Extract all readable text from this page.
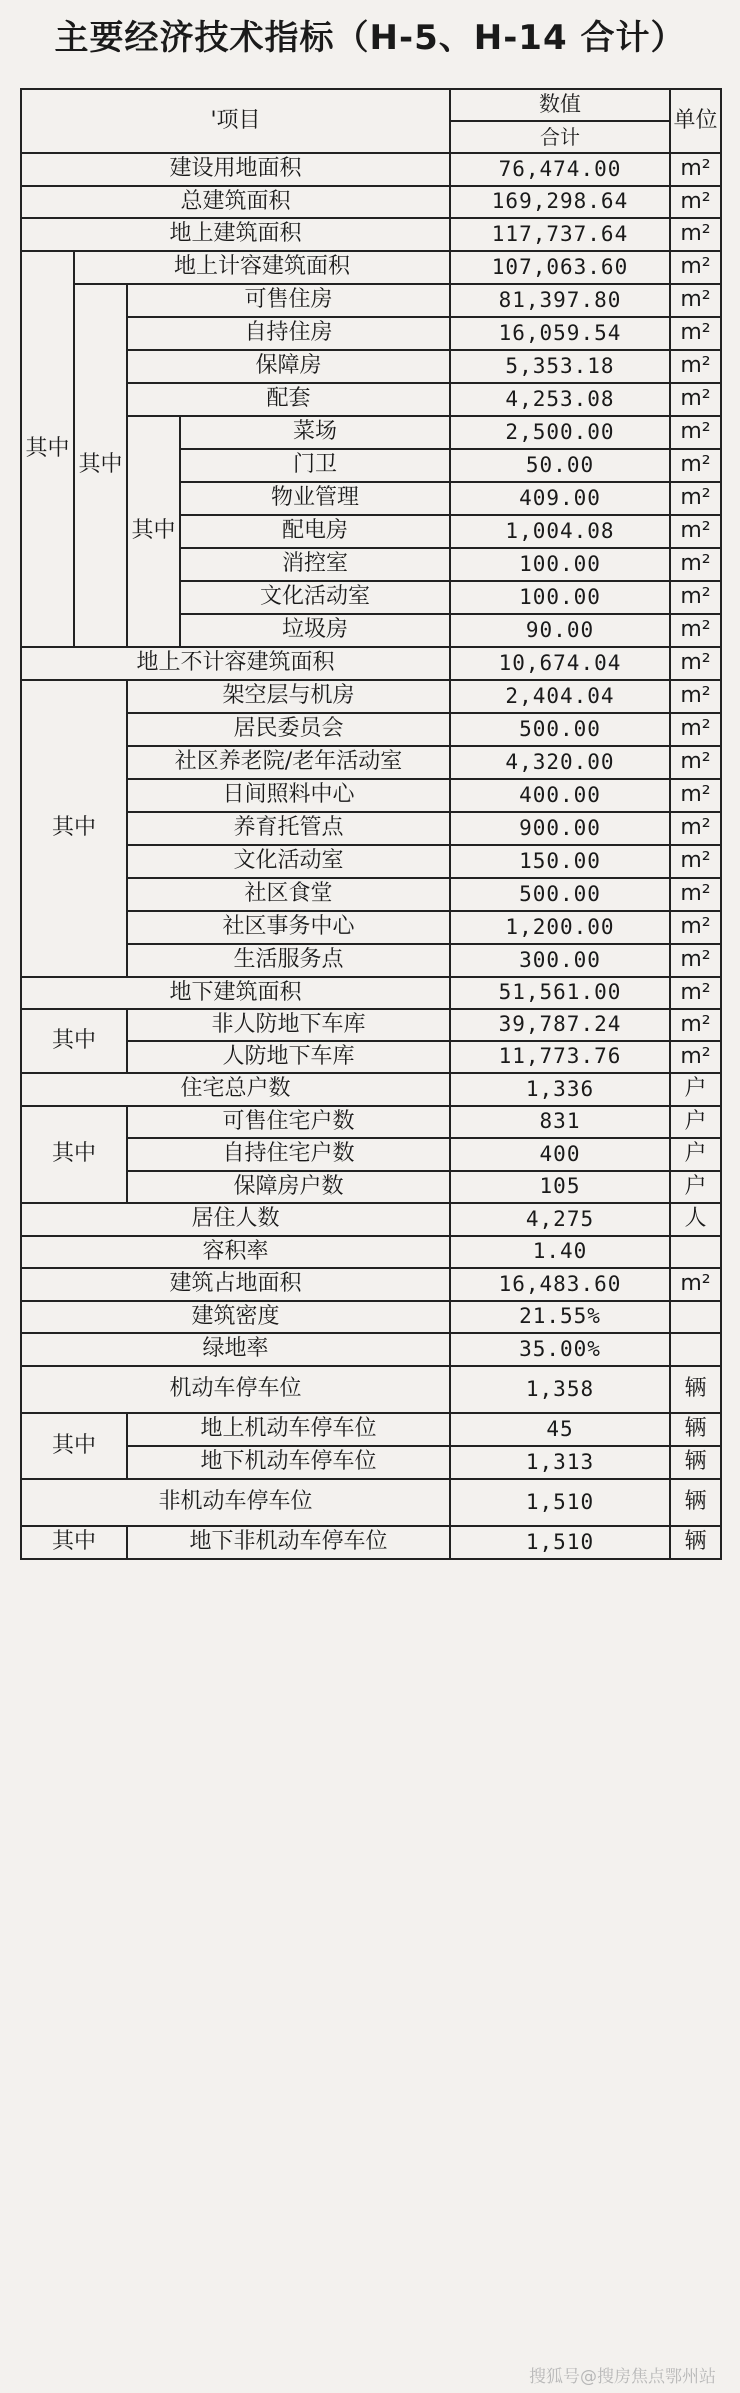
主要经济技术指标（H-5、H-14 合计）
'项目				数值	单位
				合计	
建设用地面积				76,474.00	m²
总建筑面积				169,298.64	m²
地上建筑面积				117,737.64	m²
其中	地上计容建筑面积			107,063.60	m²
	其中	可售住房		81,397.80	m²
		自持住房		16,059.54	m²
		保障房		5,353.18	m²
		配套		4,253.08	m²
		其中	菜场	2,500.00	m²
			门卫	50.00	m²
			物业管理	409.00	m²
			配电房	1,004.08	m²
			消控室	100.00	m²
			文化活动室	100.00	m²
			垃圾房	90.00	m²
地上不计容建筑面积				10,674.04	m²
其中		架空层与机房		2,404.04	m²
		居民委员会		500.00	m²
		社区养老院/老年活动室		4,320.00	m²
		日间照料中心		400.00	m²
		养育托管点		900.00	m²
		文化活动室		150.00	m²
		社区食堂		500.00	m²
		社区事务中心		1,200.00	m²
		生活服务点		300.00	m²
地下建筑面积				51,561.00	m²
其中		非人防地下车库		39,787.24	m²
		人防地下车库		11,773.76	m²
住宅总户数				1,336	户
其中		可售住宅户数		831	户
		自持住宅户数		400	户
		保障房户数		105	户
居住人数				4,275	人
容积率				1.40	
建筑占地面积				16,483.60	m²
建筑密度				21.55%	
绿地率				35.00%	
机动车停车位				1,358	辆
其中		地上机动车停车位		45	辆
		地下机动车停车位		1,313	辆
非机动车停车位				1,510	辆
其中		地下非机动车停车位		1,510	辆
搜狐号@搜房焦点鄂州站
